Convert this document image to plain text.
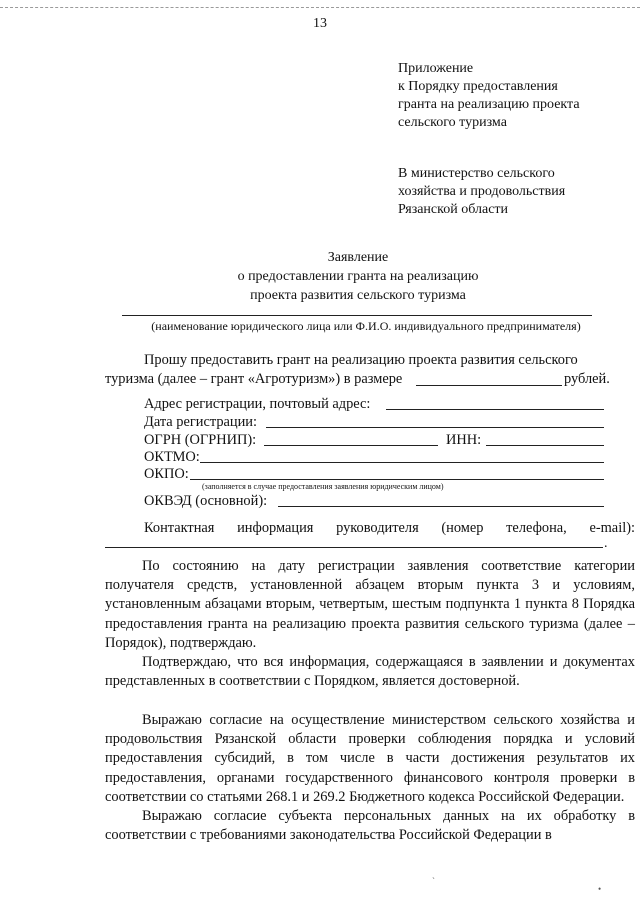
13
Приложение
к Порядку предоставления
гранта на реализацию проекта
сельского туризма
В министерство сельского
хозяйства и продовольствия
Рязанской области
Заявление
о предоставлении гранта на реализацию
проекта развития сельского туризма
(наименование юридического лица или Ф.И.О. индивидуального предпринимателя)
Прошу предоставить грант на реализацию проекта развития сельского
туризма (далее – грант «Агротуризм») в размере	рублей.
Адрес регистрации, почтовый адрес:
Дата регистрации:
ОГРН (ОГРНИП):	ИНН:
ОКТМО:
ОКПО:
(заполняется в случае предоставления заявления юридическим лицом)
ОКВЭД (основной):
Контактная информация руководителя (номер телефона, e-mail):
.

По состоянию на дату регистрации заявления соответствие категории получателя средств, установленной абзацем вторым пункта 3 и условиям, установленным абзацами вторым, четвертым, шестым подпункта 1 пункта 8 Порядка предоставления гранта на реализацию проекта развития сельского туризма (далее – Порядок), подтверждаю.

Подтверждаю, что вся информация, содержащаяся в заявлении и документах представленных в соответствии с Порядком, является достоверной.

Выражаю согласие на осуществление министерством сельского хозяйства и продовольствия Рязанской области проверки соблюдения порядка и условий предоставления субсидий, в том числе в части достижения результатов их предоставления, органами государственного финансового контроля проверки в соответствии со статьями 268.1 и 269.2 Бюджетного кодекса Российской Федерации.

Выражаю согласие субъекта персональных данных на их обработку в соответствии с требованиями законодательства Российской Федерации в

ˋ
•
